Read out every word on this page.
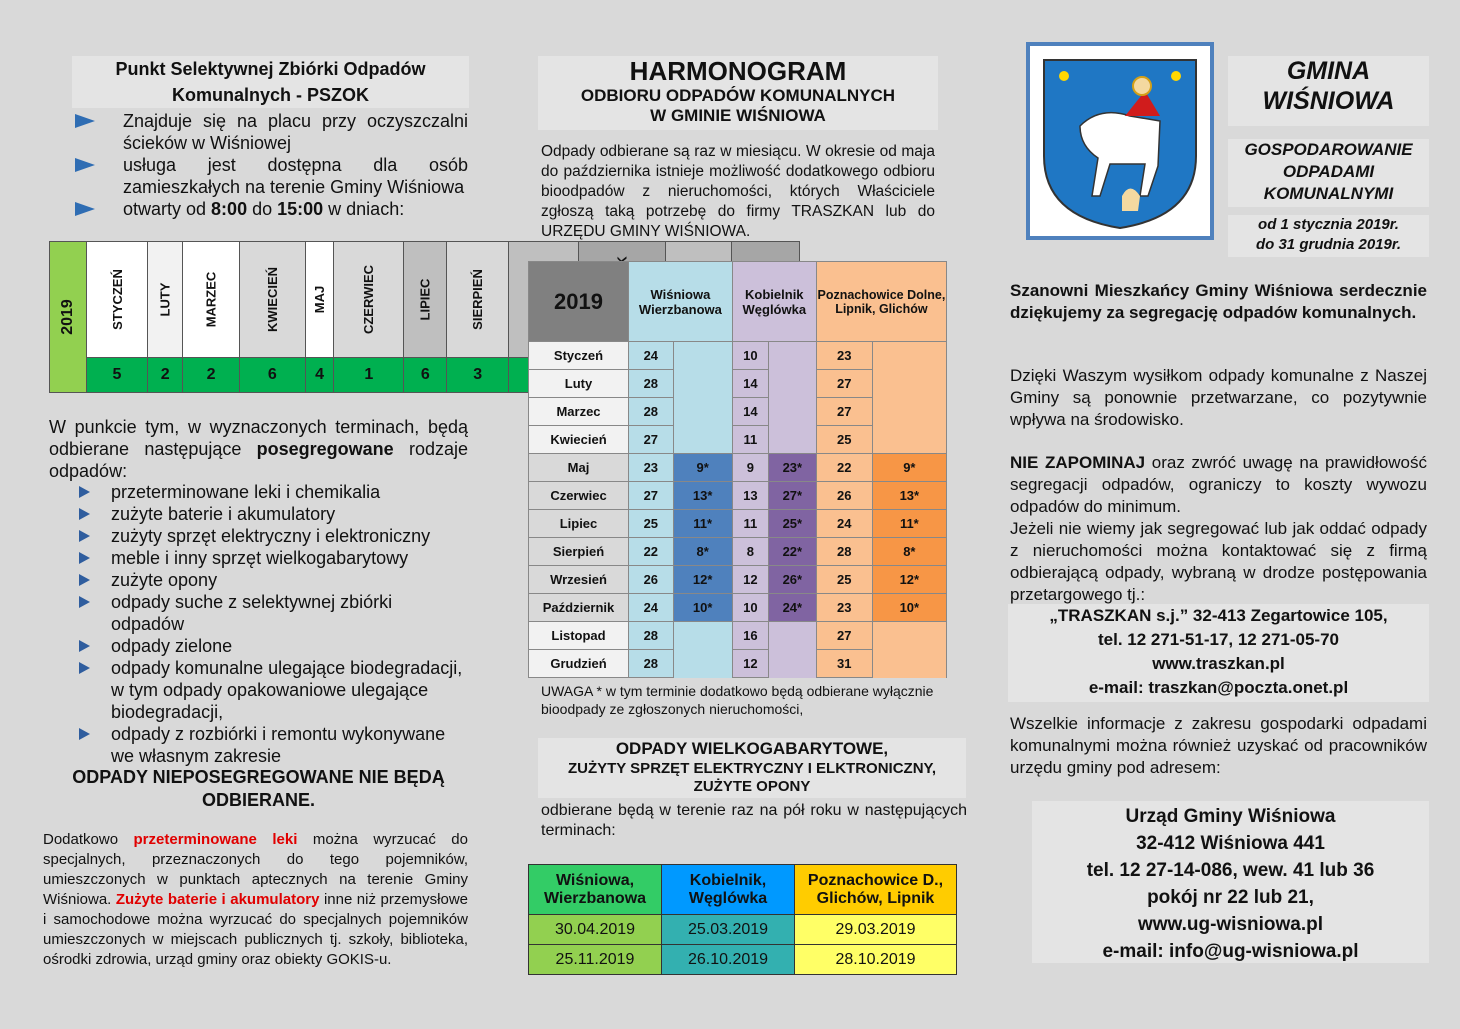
Punkt Selektywnej Zbiórki Odpadów
Komunalnych - PSZOK
Znajduje się na placu przy oczyszczalni ścieków w Wiśniowej
usługa jest dostępna dla osób zamieszkałych na terenie Gminy Wiśniowa
otwarty od 8:00 do 15:00 w dniach:
2019	STYCZEŃ	LUTY	MARZEC	KWIECIEŃ	MAJ	CZERWIEC	LIPIEC	SIERPIEŃ

	5	2	2	6	4	1	6	3				
W punkcie tym, w wyznaczonych terminach, będą odbierane następujące posegregowane rodzaje odpadów:
przeterminowane leki i chemikalia
zużyte baterie i akumulatory
zużyty sprzęt elektryczny i elektroniczny
meble i inny sprzęt wielkogabarytowy
zużyte opony
odpady suche z selektywnej zbiórki odpadów
odpady zielone
odpady komunalne ulegające biodegradacji, w tym odpady opakowaniowe ulegające biodegradacji,
odpady z rozbiórki i remontu wykonywane we własnym zakresie
ODPADY NIEPOSEGREGOWANE NIE BĘDĄ ODBIERANE.
Dodatkowo przeterminowane leki można wyrzucać do specjalnych, przeznaczonych do tego pojemników, umieszczonych w punktach aptecznych na terenie Gminy Wiśniowa. Zużyte baterie i akumulatory inne niż przemysłowe i samochodowe można wyrzucać do specjalnych pojemników umieszczonych w miejscach publicznych tj. szkoły, biblioteka, ośrodki zdrowia, urząd gminy oraz obiekty GOKIS-u.
HARMONOGRAM
ODBIORU ODPADÓW KOMUNALNYCH
W GMINIE WIŚNIOWA
Odpady odbierane są raz w miesiącu. W okresie od maja do października istnieje możliwość dodatkowego odbioru bioodpadów z nieruchomości, których Właściciele zgłoszą taką potrzebę do firmy TRASZKAN lub do URZĘDU GMINY WIŚNIOWA.
2019	Wiśniowa Wierzbanowa		Kobielnik Węglówka		Poznachowice Dolne, Lipnik, Glichów	
Styczeń	24		10		23	
Luty	28		14		27	
Marzec	28		14		27	
Kwiecień	27		11		25	
Maj	23	9*	9	23*	22	9*
Czerwiec	27	13*	13	27*	26	13*
Lipiec	25	11*	11	25*	24	11*
Sierpień	22	8*	8	22*	28	8*
Wrzesień	26	12*	12	26*	25	12*
Październik	24	10*	10	24*	23	10*
Listopad	28		16		27	
Grudzień	28		12		31	
UWAGA * w tym terminie dodatkowo będą odbierane wyłącznie bioodpady ze zgłoszonych nieruchomości,
ODPADY WIELKOGABARYTOWE,
ZUŻYTY SPRZĘT ELEKTRYCZNY I ELKTRONICZNY,
ZUŻYTE OPONY
odbierane będą w terenie raz na pół roku w następujących terminach:
Wiśniowa, Wierzbanowa	Kobielnik, Węglówka	Poznachowice D., Glichów, Lipnik
30.04.2019	25.03.2019	29.03.2019
25.11.2019	26.10.2019	28.10.2019
GMINA
WIŚNIOWA
GOSPODAROWANIE
ODPADAMI
KOMUNALNYMI
od 1 stycznia 2019r.
do 31 grudnia 2019r.
Szanowni Mieszkańcy Gminy Wiśniowa serdecznie dziękujemy za segregację odpadów komunalnych.
Dzięki Waszym wysiłkom odpady komunalne z Naszej Gminy są ponownie przetwarzane, co pozytywnie wpływa na środowisko.
NIE ZAPOMINAJ oraz zwróć uwagę na prawidłowość segregacji odpadów, ograniczy to koszty wywozu odpadów do minimum.
Jeżeli nie wiemy jak segregować lub jak oddać odpady z nieruchomości można kontaktować się z firmą odbierającą odpady, wybraną w drodze postępowania przetargowego tj.:
„TRASZKAN s.j.” 32-413 Zegartowice 105,
tel. 12 271-51-17, 12 271-05-70
www.traszkan.pl
e-mail: traszkan@poczta.onet.pl
Wszelkie informacje z zakresu gospodarki odpadami komunalnymi można również uzyskać od pracowników urzędu gminy pod adresem:
Urząd Gminy Wiśniowa
32-412 Wiśniowa 441
tel. 12 27-14-086, wew. 41 lub 36
pokój nr 22 lub 21,
www.ug-wisniowa.pl
e-mail: info@ug-wisniowa.pl
